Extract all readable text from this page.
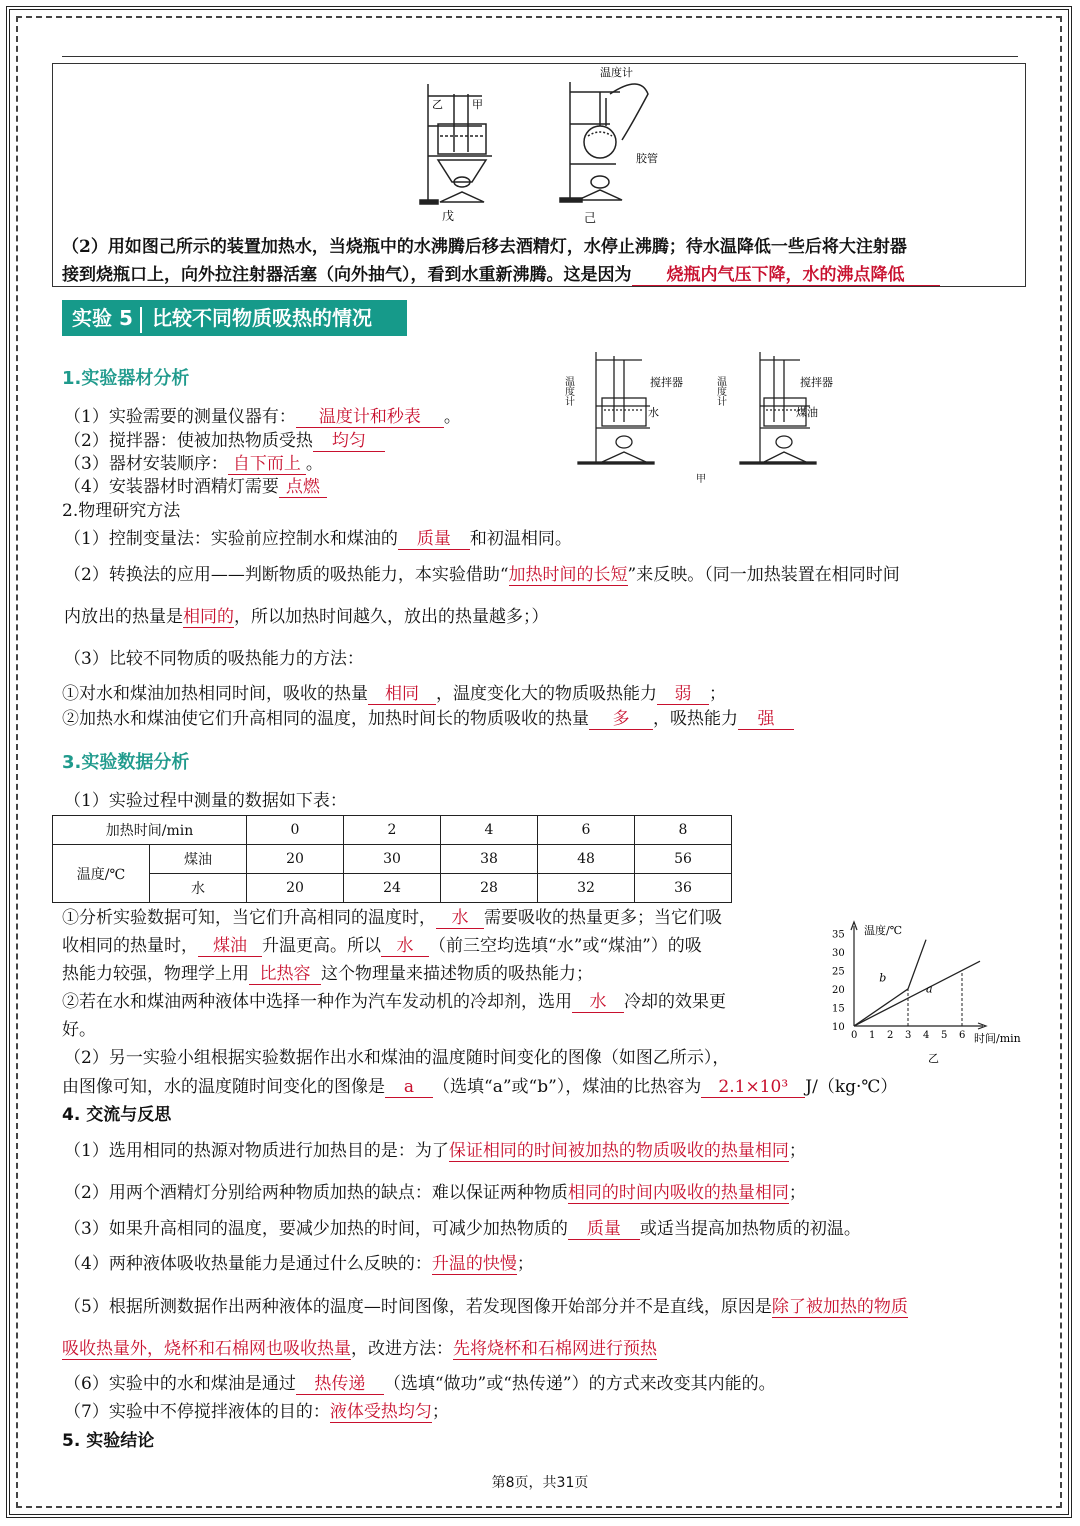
乙	甲
戊
温度计
胶管
己
（2）用如图己所示的装置加热水，当烧瓶中的水沸腾后移去酒精灯，水停止沸腾；待水温降低一些后将大注射器
接到烧瓶口上，向外拉注射器活塞（向外抽气），看到水重新沸腾。这是因为 烧瓶内气压下降，水的沸点降低
实验 5 比较不同物质吸热的情况
1.实验器材分析
（1）实验需要的测量仪器有： 温度计和秒表 。
（2）搅拌器：使被加热物质受热 均匀
（3）器材安装顺序： 自下而上 。
（4）安装器材时酒精灯需要 点燃
温度计	搅拌器
水
温度计	搅拌器
煤油
甲
2.物理研究方法
（1）控制变量法：实验前应控制水和煤油的 质量 和初温相同。
（2）转换法的应用——判断物质的吸热能力，本实验借助“加热时间的长短”来反映。（同一加热装置在相同时间
内放出的热量是相同的，所以加热时间越久，放出的热量越多；）
（3）比较不同物质的吸热能力的方法：
①对水和煤油加热相同时间，吸收的热量 相同 ，温度变化大的物质吸热能力 弱 ；
②加热水和煤油使它们升高相同的温度，加热时间长的物质吸收的热量 多 ，吸热能力 强
3.实验数据分析
（1）实验过程中测量的数据如下表：
加热时间/min		0	2	4	6	8
温度/℃	煤油	20	30	38	48	56
	水	20	24	28	32	36
①分析实验数据可知，当它们升高相同的温度时， 水 需要吸收的热量更多；当它们吸
收相同的热量时， 煤油 升温更高。所以 水 （前三空均选填“水”或“煤油”）的吸
热能力较强，物理学上用 比热容 这个物理量来描述物质的吸热能力；
②若在水和煤油两种液体中选择一种作为汽车发动机的冷却剂，选用 水 冷却的效果更
好。
（2）另一实验小组根据实验数据作出水和煤油的温度随时间变化的图像（如图乙所示），
由图像可知，水的温度随时间变化的图像是 a （选填“a”或“b”），煤油的比热容为 2.1×10³ J/（kg·℃）
温度/℃
时间/min
乙
0 1 2 3 4 5 6
10
15
20
25
30
35
b
a
4. 交流与反思
（1）选用相同的热源对物质进行加热目的是：为了保证相同的时间被加热的物质吸收的热量相同；
（2）用两个酒精灯分别给两种物质加热的缺点：难以保证两种物质相同的时间内吸收的热量相同；
（3）如果升高相同的温度，要减少加热的时间，可减少加热物质的 质量 或适当提高加热物质的初温。
（4）两种液体吸收热量能力是通过什么反映的：升温的快慢；
（5）根据所测数据作出两种液体的温度—时间图像，若发现图像开始部分并不是直线，原因是除了被加热的物质
吸收热量外，烧杯和石棉网也吸收热量，改进方法：先将烧杯和石棉网进行预热
（6）实验中的水和煤油是通过 热传递 （选填“做功”或“热传递”）的方式来改变其内能的。
（7）实验中不停搅拌液体的目的：液体受热均匀；
5. 实验结论
第8页，共31页
